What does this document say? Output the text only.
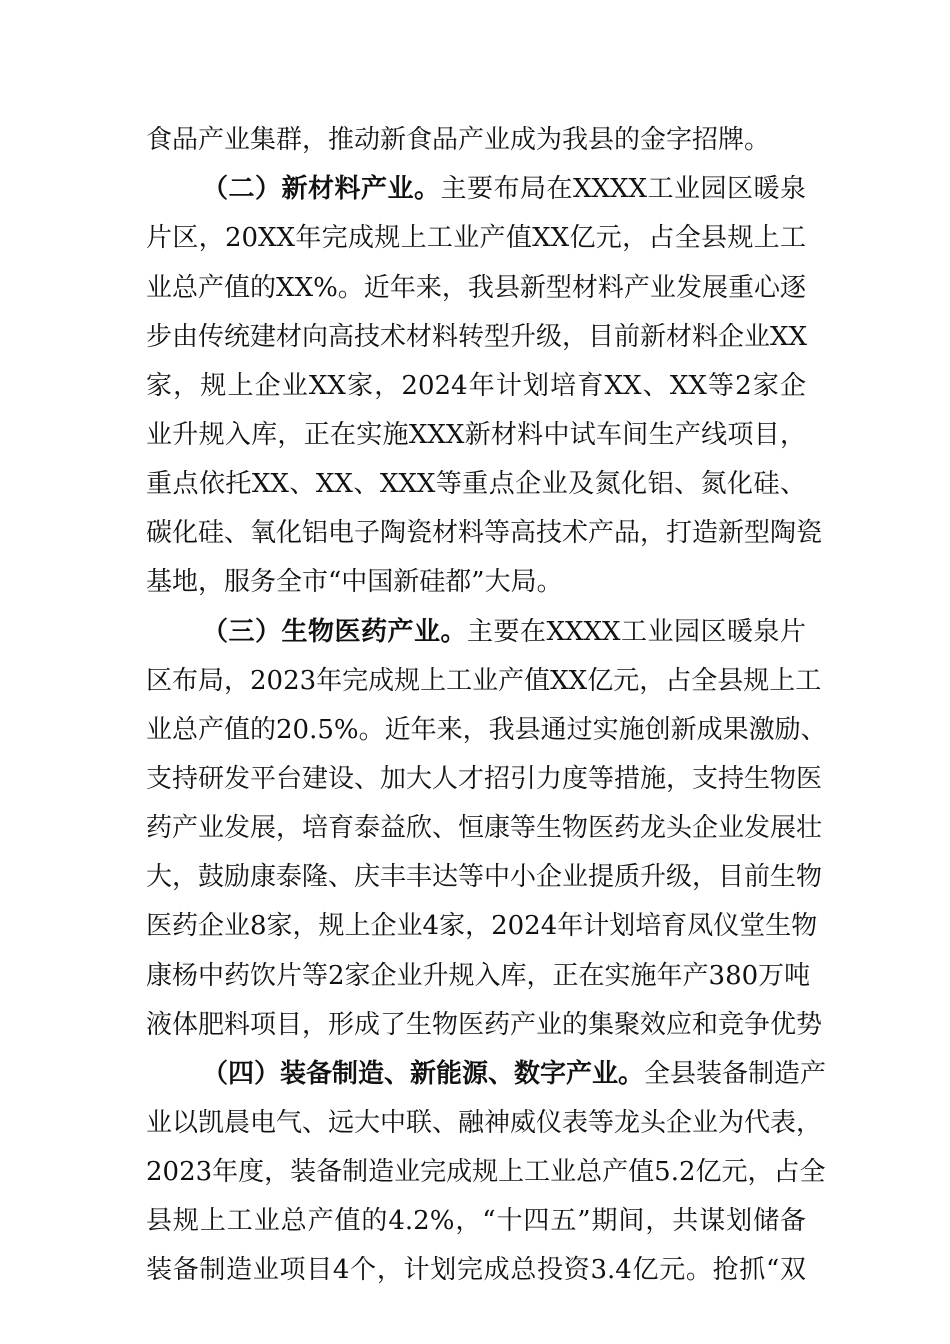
食品产业集群，推动新食品产业成为我县的金字招牌。
（二）新材料产业。主要布局在XXXX工业园区暖泉
片区，20XX年完成规上工业产值XX亿元，占全县规上工
业总产值的XX%。近年来，我县新型材料产业发展重心逐
步由传统建材向高技术材料转型升级，目前新材料企业XX
家，规上企业XX家，2024年计划培育XX、XX等2家企
业升规入库，正在实施XXX新材料中试车间生产线项目，
重点依托XX、XX、XXX等重点企业及氮化铝、氮化硅、
碳化硅、氧化铝电子陶瓷材料等高技术产品，打造新型陶瓷
基地，服务全市“中国新硅都”大局。
（三）生物医药产业。主要在XXXX工业园区暖泉片
区布局，2023年完成规上工业产值XX亿元，占全县规上工
业总产值的20.5%。近年来，我县通过实施创新成果激励、
支持研发平台建设、加大人才招引力度等措施，支持生物医
药产业发展，培育泰益欣、恒康等生物医药龙头企业发展壮
大，鼓励康泰隆、庆丰丰达等中小企业提质升级，目前生物
医药企业8家，规上企业4家，2024年计划培育凤仪堂生物
康杨中药饮片等2家企业升规入库，正在实施年产380万吨
液体肥料项目，形成了生物医药产业的集聚效应和竞争优势
（四）装备制造、新能源、数字产业。全县装备制造产
业以凯晨电气、远大中联、融神威仪表等龙头企业为代表，
2023年度，装备制造业完成规上工业总产值5.2亿元，占全
县规上工业总产值的4.2%，“十四五”期间，共谋划储备
装备制造业项目4个，计划完成总投资3.4亿元。抢抓“双
